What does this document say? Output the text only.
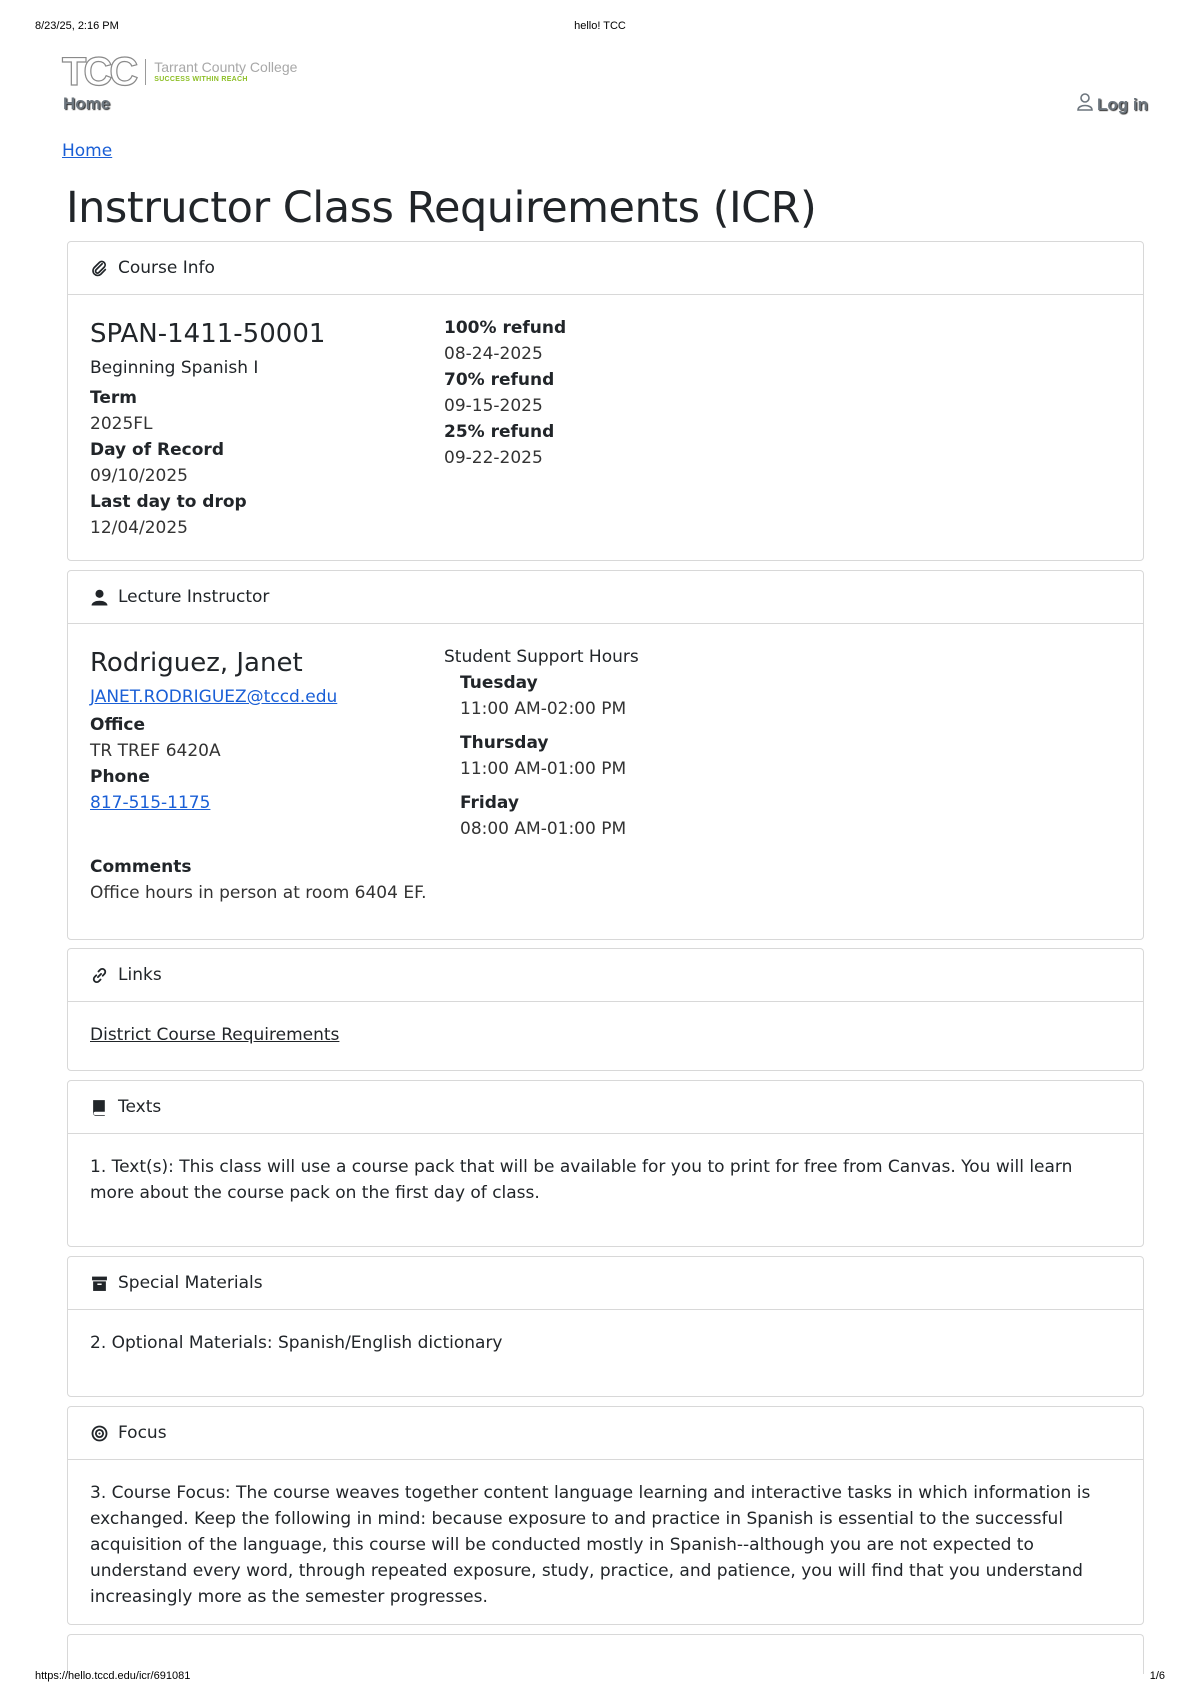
8/23/25, 2:16 PM	hello! TCC
TCC Tarrant County College
SUCCESS WITHIN REACH
Home	Log in
Home
Instructor Class Requirements (ICR)
Course Info
SPAN-1411-50001
Beginning Spanish I
Term
2025FL
Day of Record
09/10/2025
Last day to drop
12/04/2025
100% refund
08-24-2025
70% refund
09-15-2025
25% refund
09-22-2025
Lecture Instructor
Rodriguez, Janet
JANET.RODRIGUEZ@tccd.edu
Office
TR TREF 6420A
Phone
817-515-1175
Comments
Office hours in person at room 6404 EF.
Student Support Hours
Tuesday
11:00 AM-02:00 PM
Thursday
11:00 AM-01:00 PM
Friday
08:00 AM-01:00 PM
Links
District Course Requirements
Texts

1. Text(s): This class will use a course pack that will be available for you to print for free from Canvas. You will learn more about the course pack on the first day of class.

Special Materials

2. Optional Materials: Spanish/English dictionary

Focus

3. Course Focus: The course weaves together content language learning and interactive tasks in which information is exchanged. Keep the following in mind: because exposure to and practice in Spanish is essential to the successful acquisition of the language, this course will be conducted mostly in Spanish--although you are not expected to understand every word, through repeated exposure, study, practice, and patience, you will find that you understand increasingly more as the semester progresses.

https://hello.tccd.edu/icr/691081	1/6
